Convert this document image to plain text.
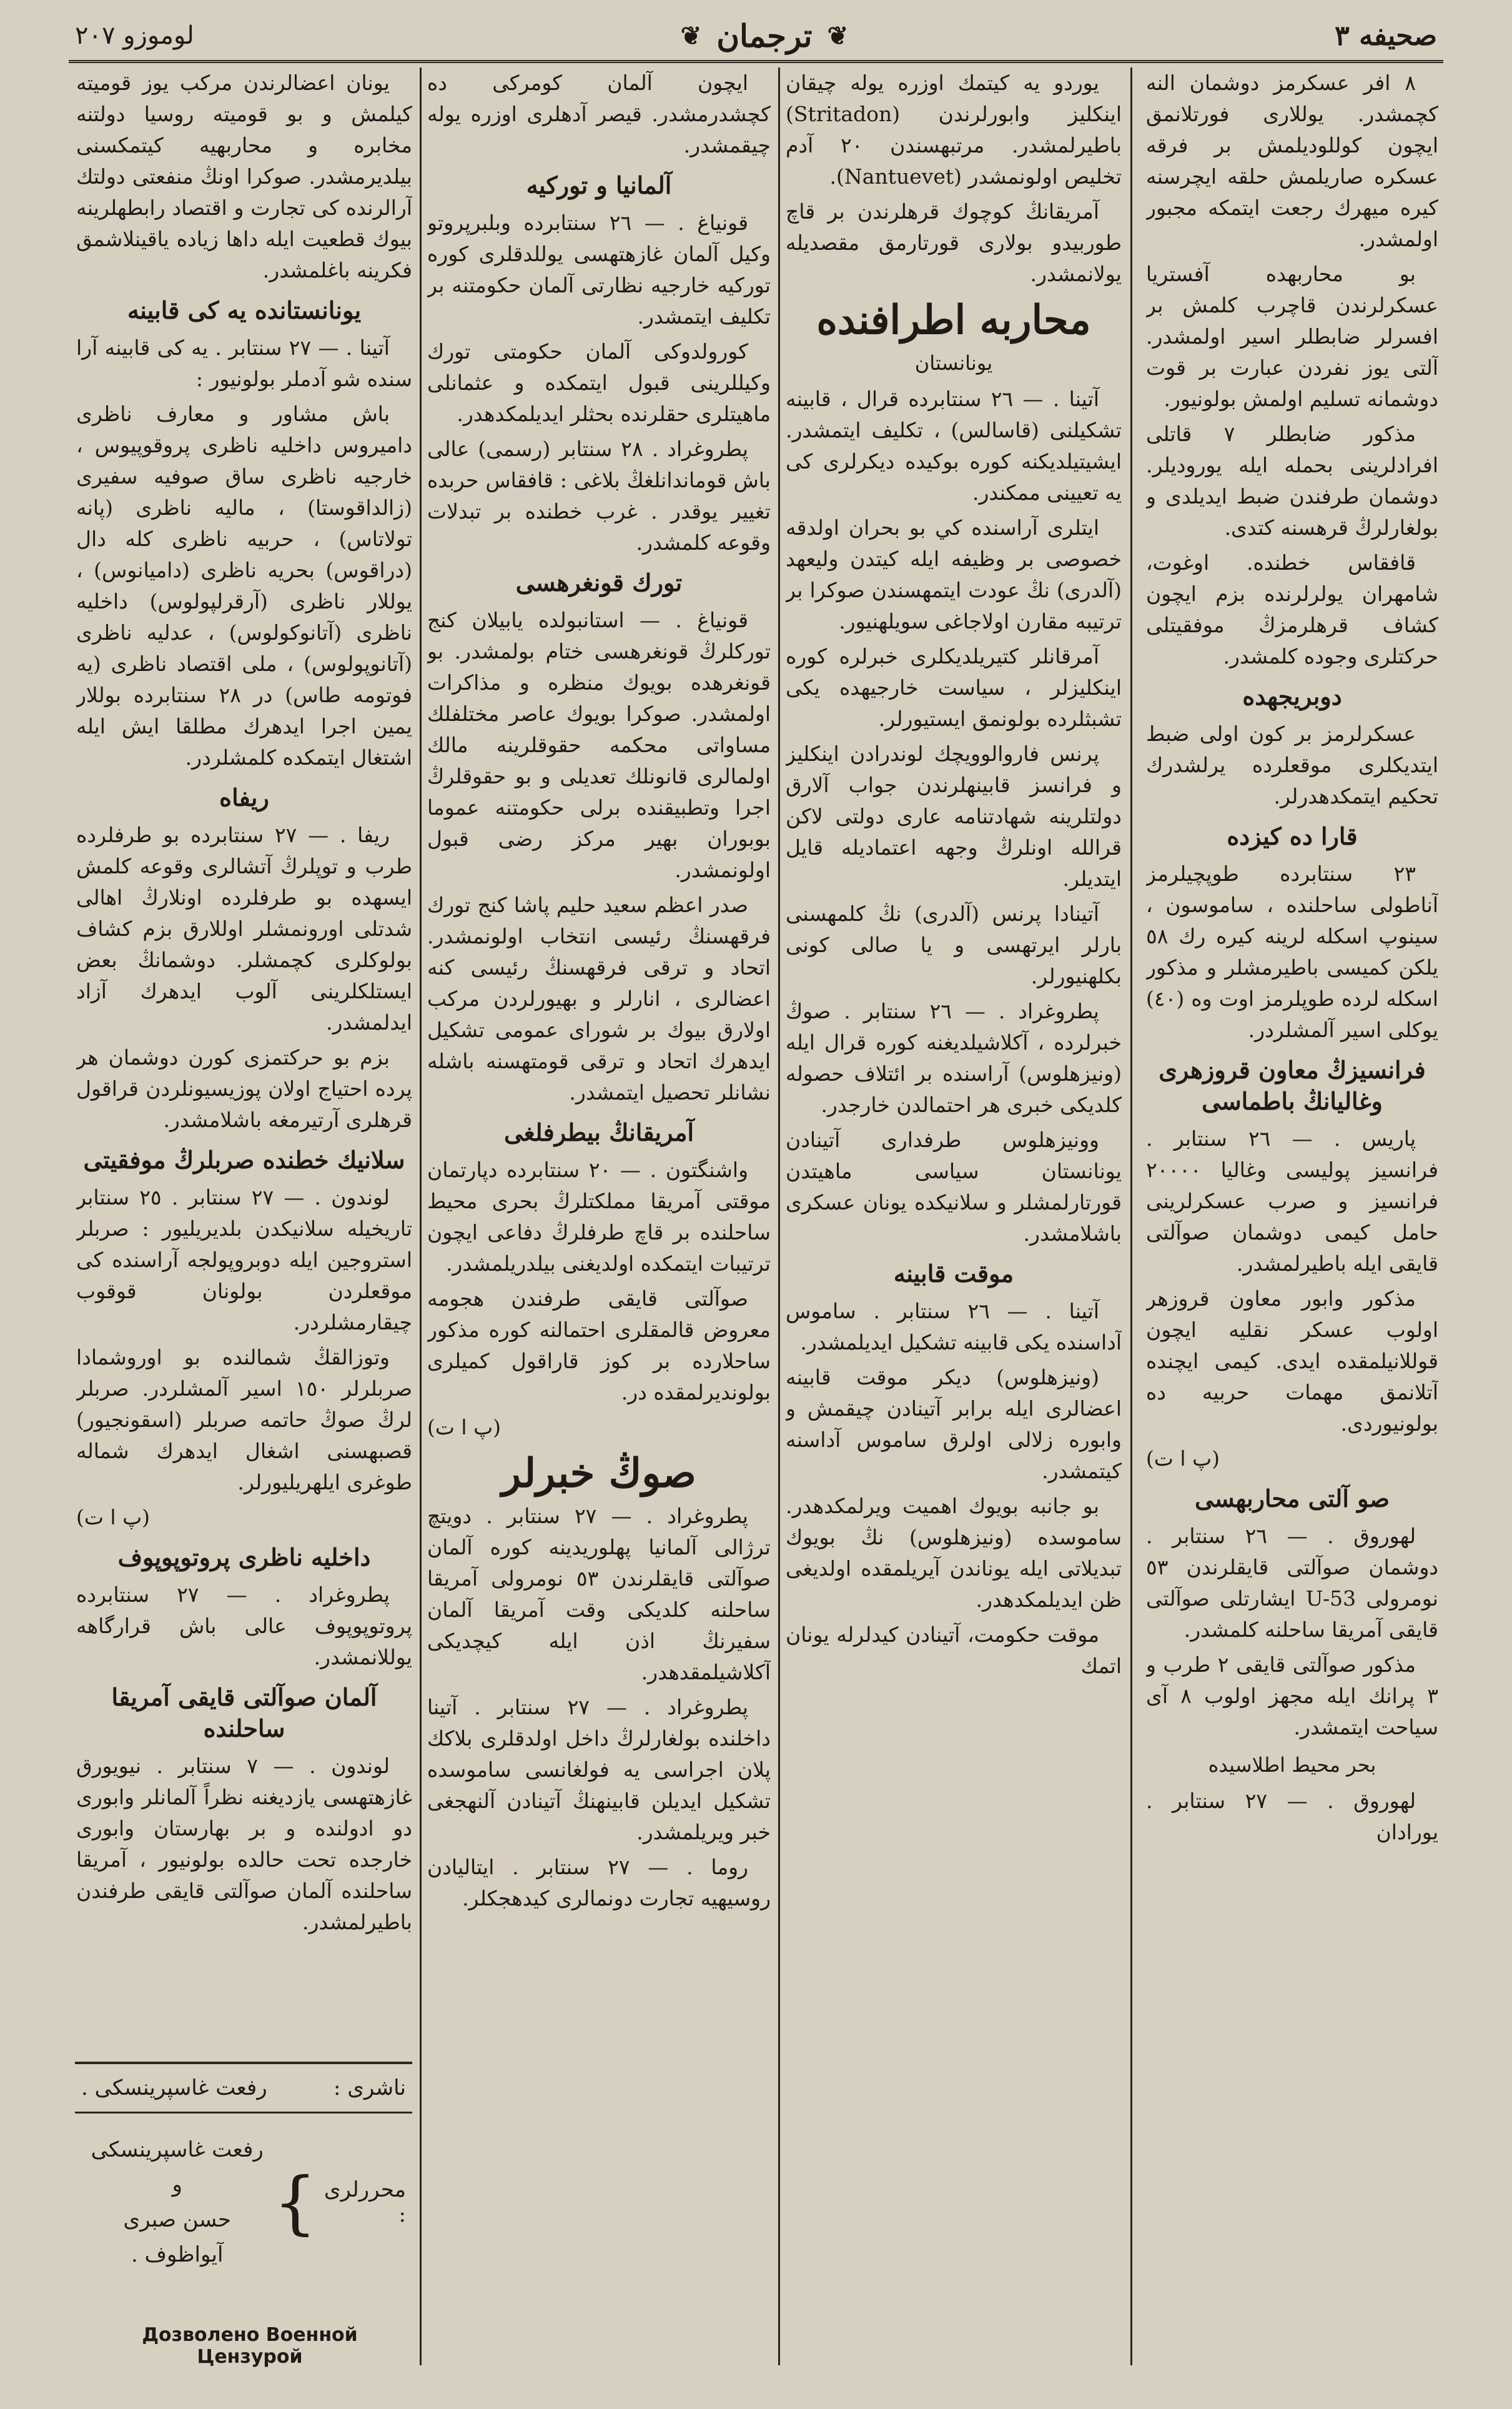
صحيفه ٣
❦
ترجمان
❦
لوموزو ٢٠٧

٨ افر عسكرمز دوشمان النه كچمشدر. يوللارى فورتلانمق ايچون كوللوديلمش بر فرقه عسكره صاريلمش حلقه ايچرسنه كيره ميهرك رجعت ايتمكه مجبور اولمشدر.

بو محاربهده آفستريا عسكرلرندن قاچرب كلمش بر افسرلر ضابطلر اسير اولمشدر. آلتى يوز نفردن عبارت بر قوت دوشمانه تسليم اولمش بولونيور.

مذكور ضابطلر ٧ قاتلى افرادلرينى بحمله ايله يوروديلر. دوشمان طرفندن ضبط ايديلدى و بولغارلرڭ قرهسنه كتدى.

قافقاس خطنده. اوغوت، شامهران يولرلرنده بزم ايچون كشاف قرهلرمزڭ موفقيتلى حركتلرى وجوده كلمشدر.

دوبريجهده

عسكرلرمز بر كون اولى ضبط ايتديكلرى موقعلرده يرلشدرك تحكيم ايتمكدهدرلر.

قارا ده كيزده

٢٣ سنتابرده طوپچيلرمز آناطولى ساحلنده ، ساموسون ، سينوپ اسكله لرينه كيره رك ٥٨ يلكن كميسى باطيرمشلر و مذكور اسكله لرده طوپلرمز اوت وه (٤٠) يوكلى اسير آلمشلردر.

فرانسيزڭ معاون قروزهرى وغاليانڭ باطماسى

پاريس . — ٢٦ سنتابر . فرانسيز پوليسى وغاليا ٢٠٠٠٠ فرانسيز و صرب عسكرلرينى حامل كيمى دوشمان صوآلتى قايقى ايله باطيرلمشدر.

مذكور وابور معاون قروزهر اولوب عسكر نقليه ايچون قوللانيلمقده ايدى. كيمى ايچنده آتلانمق مهمات حربيه ده بولونيوردى.

(پ ا ت)
صو آلتى محاربهسى

لهوروق . — ٢٦ سنتابر . دوشمان صوآلتى قايقلرندن ٥٣ نومرولى U-53 ايشارتلى صوآلتى قايقى آمريقا ساحلنه كلمشدر.

مذكور صوآلتى قايقى ٢ طرب و ٣ پرانك ايله مجهز اولوب ٨ آى سياحت ايتمشدر.

بحر محيط اطلاسيده

لهوروق . — ٢٧ سنتابر . يورادان

يوردو يه كيتمك اوزره يوله چيقان اينكليز وابورلرندن (Stritadon) باطيرلمشدر. مرتبهسندن ٢٠ آدم تخليص اولونمشدر (Nantuevet).

آمريقانڭ كوچوك قرهلرندن بر قاچ طوربيدو بولارى قورتارمق مقصديله يولانمشدر.

محاربه اطرافنده
يونانستان

آتينا . — ٢٦ سنتابرده قرال ، قابينه تشكيلنى (قاسالس) ، تكليف ايتمشدر. ايشيتيلديكنه كوره بوكيده ديكرلرى كى يه تعيينى ممكندر.

ايتلرى آراسنده كي بو بحران اولدقه خصوصى بر وظيفه ايله كيتدن وليعهد (آلدرى) نڭ عودت ايتمهسندن صوكرا بر ترتيبه مقارن اولاجاغى سويلهنيور.

آمرقانلر كتيريلديكلرى خبرلره كوره اينكليزلر ، سياست خارجيهده يكى تشبثلرده بولونمق ايستيورلر.

پرنس فاروالوويچك لوندرادن اينكليز و فرانسز قابينهلرندن جواب آلارق دولتلرينه شهادتنامه عارى دولتى لاكن قرالله اونلرڭ وجهه اعتماديله قايل ايتديلر.

آتينادا پرنس (آلدرى) نڭ كلمهسنى بارلر ايرتهسى و يا صالى كونى بكلهنيورلر.

پطروغراد . — ٢٦ سنتابر . صوڭ خبرلرده ، آكلاشيلديغنه كوره قرال ايله (ونيزهلوس) آراسنده بر ائتلاف حصوله كلديكى خبرى هر احتمالدن خارجدر.

وونيزهلوس طرفدارى آتينادن يونانستان سياسى ماهيتدن قورتارلمشلر و سلانيكده يونان عسكرى باشلامشدر.

موقت قابينه

آتينا . — ٢٦ سنتابر . ساموس آداسنده يكى قابينه تشكيل ايديلمشدر.

(ونيزهلوس) ديكر موقت قابينه اعضالرى ايله برابر آتينادن چيقمش و وابوره زلالى اولرق ساموس آداسنه كيتمشدر.

بو جانبه بويوك اهميت ويرلمكدهدر. ساموسده (ونيزهلوس) نڭ بويوك تبديلاتى ايله يوناندن آيريلمقده اولديغى ظن ايديلمكدهدر.

موقت حكومت، آتينادن كيدلرله يونان اتمك

ايچون آلمان كومركى ده كچشدرمشدر. قيصر آدهلرى اوزره يوله چيقمشدر.

آلمانيا و توركيه

قونياغ . — ٢٦ سنتابرده وبلبرپروتو وكيل آلمان غازهتهسى يوللدقلرى كوره توركيه خارجيه نظارتى آلمان حكومتنه بر تكليف ايتمشدر.

كورولدوكى آلمان حكومتى تورك وكيللرينى قبول ايتمكده و عثمانلى ماهيتلرى حقلرنده بحثلر ايديلمكدهدر.

پطروغراد . ٢٨ سنتابر (رسمى) عالى باش قوماندانلغڭ بلاغى : قافقاس حربده تغيير يوقدر . غرب خطنده بر تبدلات وقوعه كلمشدر.

تورك قونغرهسى

قونياغ . — استانبولده يابيلان كنج توركلرڭ قونغرهسى ختام بولمشدر. بو قونغرهده بويوك منظره و مذاكرات اولمشدر. صوكرا بويوك عاصر مختلفلك مساواتى محكمه حقوقلرينه مالك اولمالرى قانونلك تعديلى و بو حقوقلرڭ اجرا وتطبيقنده برلى حكومتنه عموما بوبوران بهير مركز رضى قبول اولونمشدر.

صدر اعظم سعيد حليم پاشا كنج تورك فرقهسنڭ رئيسى انتخاب اولونمشدر. اتحاد و ترقى فرقهسنڭ رئيسى كنه اعضالرى ، انارلر و بهيورلردن مركب اولارق بيوك بر شوراى عمومى تشكيل ايدهرك اتحاد و ترقى قومتهسنه باشله نشانلر تحصيل ايتمشدر.

آمريقانڭ بيطرفلغى

واشنگتون . — ٢٠ سنتابرده دپارتمان موقتى آمريقا مملكتلرڭ بحرى محيط ساحلنده بر قاچ طرفلرڭ دفاعى ايچون ترتيبات ايتمكده اولديغنى بيلدريلمشدر.

صوآلتى قايقى طرفندن هجومه معروض قالمقلرى احتمالنه كوره مذكور ساحلارده بر كوز قاراقول كميلرى بولونديرلمقده در.

(پ ا ت)
صوڭ خبرلر

پطروغراد . — ٢٧ سنتابر . دويتچ ترژالى آلمانيا پهلوريدينه كوره آلمان صوآلتى قايقلرندن ٥٣ نومرولى آمريقا ساحلنه كلديكى وقت آمريقا آلمان سفيرنڭ اذن ايله كيچديكى آكلاشيلمقدهدر.

پطروغراد . — ٢٧ سنتابر . آتينا داخلنده بولغارلرڭ داخل اولدقلرى بلاكك پلان اجراسى يه فولغانسى ساموسده تشكيل ايديلن قابينهنڭ آتينادن آلنهجغى خبر ويريلمشدر.

روما . — ٢٧ سنتابر . ايتاليادن روسيهيه تجارت دونمالرى كيدهجكلر.

يونان اعضالرندن مركب يوز قوميته كيلمش و بو قوميته روسيا دولتنه مخابره و محاربهيه كيتمكسنى بيلديرمشدر. صوكرا اونڭ منفعتى دولتك آرالرنده كى تجارت و اقتصاد رابطهلرينه بيوك قطعيت ايله داها زياده ياقينلاشمق فكرينه باغلمشدر.

يونانستانده يه كى قابينه

آتينا . — ٢٧ سنتابر . يه كى قابينه آرا سنده شو آدملر بولونيور :

باش مشاور و معارف ناظرى داميروس داخليه ناظرى پروقوپيوس ، خارجيه ناظرى ساق صوفيه سفيرى (زالداقوستا) ، ماليه ناظرى (پانه تولاتاس) ، حربيه ناظرى كله دال (دراقوس) بحريه ناظرى (داميانوس) ، يوللار ناظرى (آرقرلپولوس) داخليه ناظرى (آتانوكولوس) ، عدليه ناظرى (آتانوپولوس) ، ملى اقتصاد ناظرى (يه فوتومه طاس) در ٢٨ سنتابرده بوللار يمين اجرا ايدهرك مطلقا ايش ايله اشتغال ايتمكده كلمشلردر.

ريفاه

ريفا . — ٢٧ سنتابرده بو طرفلرده طرب و توپلرڭ آتشالرى وقوعه كلمش ايسهده بو طرفلرده اونلارڭ اهالى شدتلى اورونمشلر اوللارق بزم كشاف بولوكلرى كچمشلر. دوشمانڭ بعض ايستلكلرينى آلوب ايدهرك آزاد ايدلمشدر.

بزم بو حركتمزى كورن دوشمان هر پرده احتياج اولان پوزيسيونلردن قراقول قرهلرى آرتيرمغه باشلامشدر.

سلانيك خطنده صربلرڭ موفقيتى

لوندون . — ٢٧ سنتابر . ٢٥ سنتابر تاريخيله سلانيكدن بلديريليور : صربلر استروجين ايله دوبروپولجه آراسنده كى موقعلردن بولونان قوقوب چيقارمشلردر.

وتوزالقڭ شمالنده بو اوروشمادا صربلرلر ١٥٠ اسير آلمشلردر. صربلر لرڭ صوڭ حاتمه صربلر (اسقونجيور) قصبهسنى اشغال ايدهرك شماله طوغرى ايلهريليورلر.

(پ ا ت)
داخليه ناظرى پروتوپوپوف

پطروغراد . — ٢٧ سنتابرده پروتوپوپوف عالى باش قرارگاهه يوللانمشدر.

آلمان صوآلتى قايقى آمريقا ساحلنده

لوندون . — ٧ سنتابر . نيويورق غازهتهسى يازديغنه نظراً آلمانلر وابورى دو ادولنده و بر بهارستان وابورى خارجده تحت حالده بولونيور ، آمريقا ساحلنده آلمان صوآلتى قايقى طرفندن باطيرلمشدر.

ناشرى :
رفعت غاسپرينسكى .
محررلرى :
}
رفعت غاسپرينسكى
و
حسن صبرى آيواظوف .
Дозволено Военной Цензурой
